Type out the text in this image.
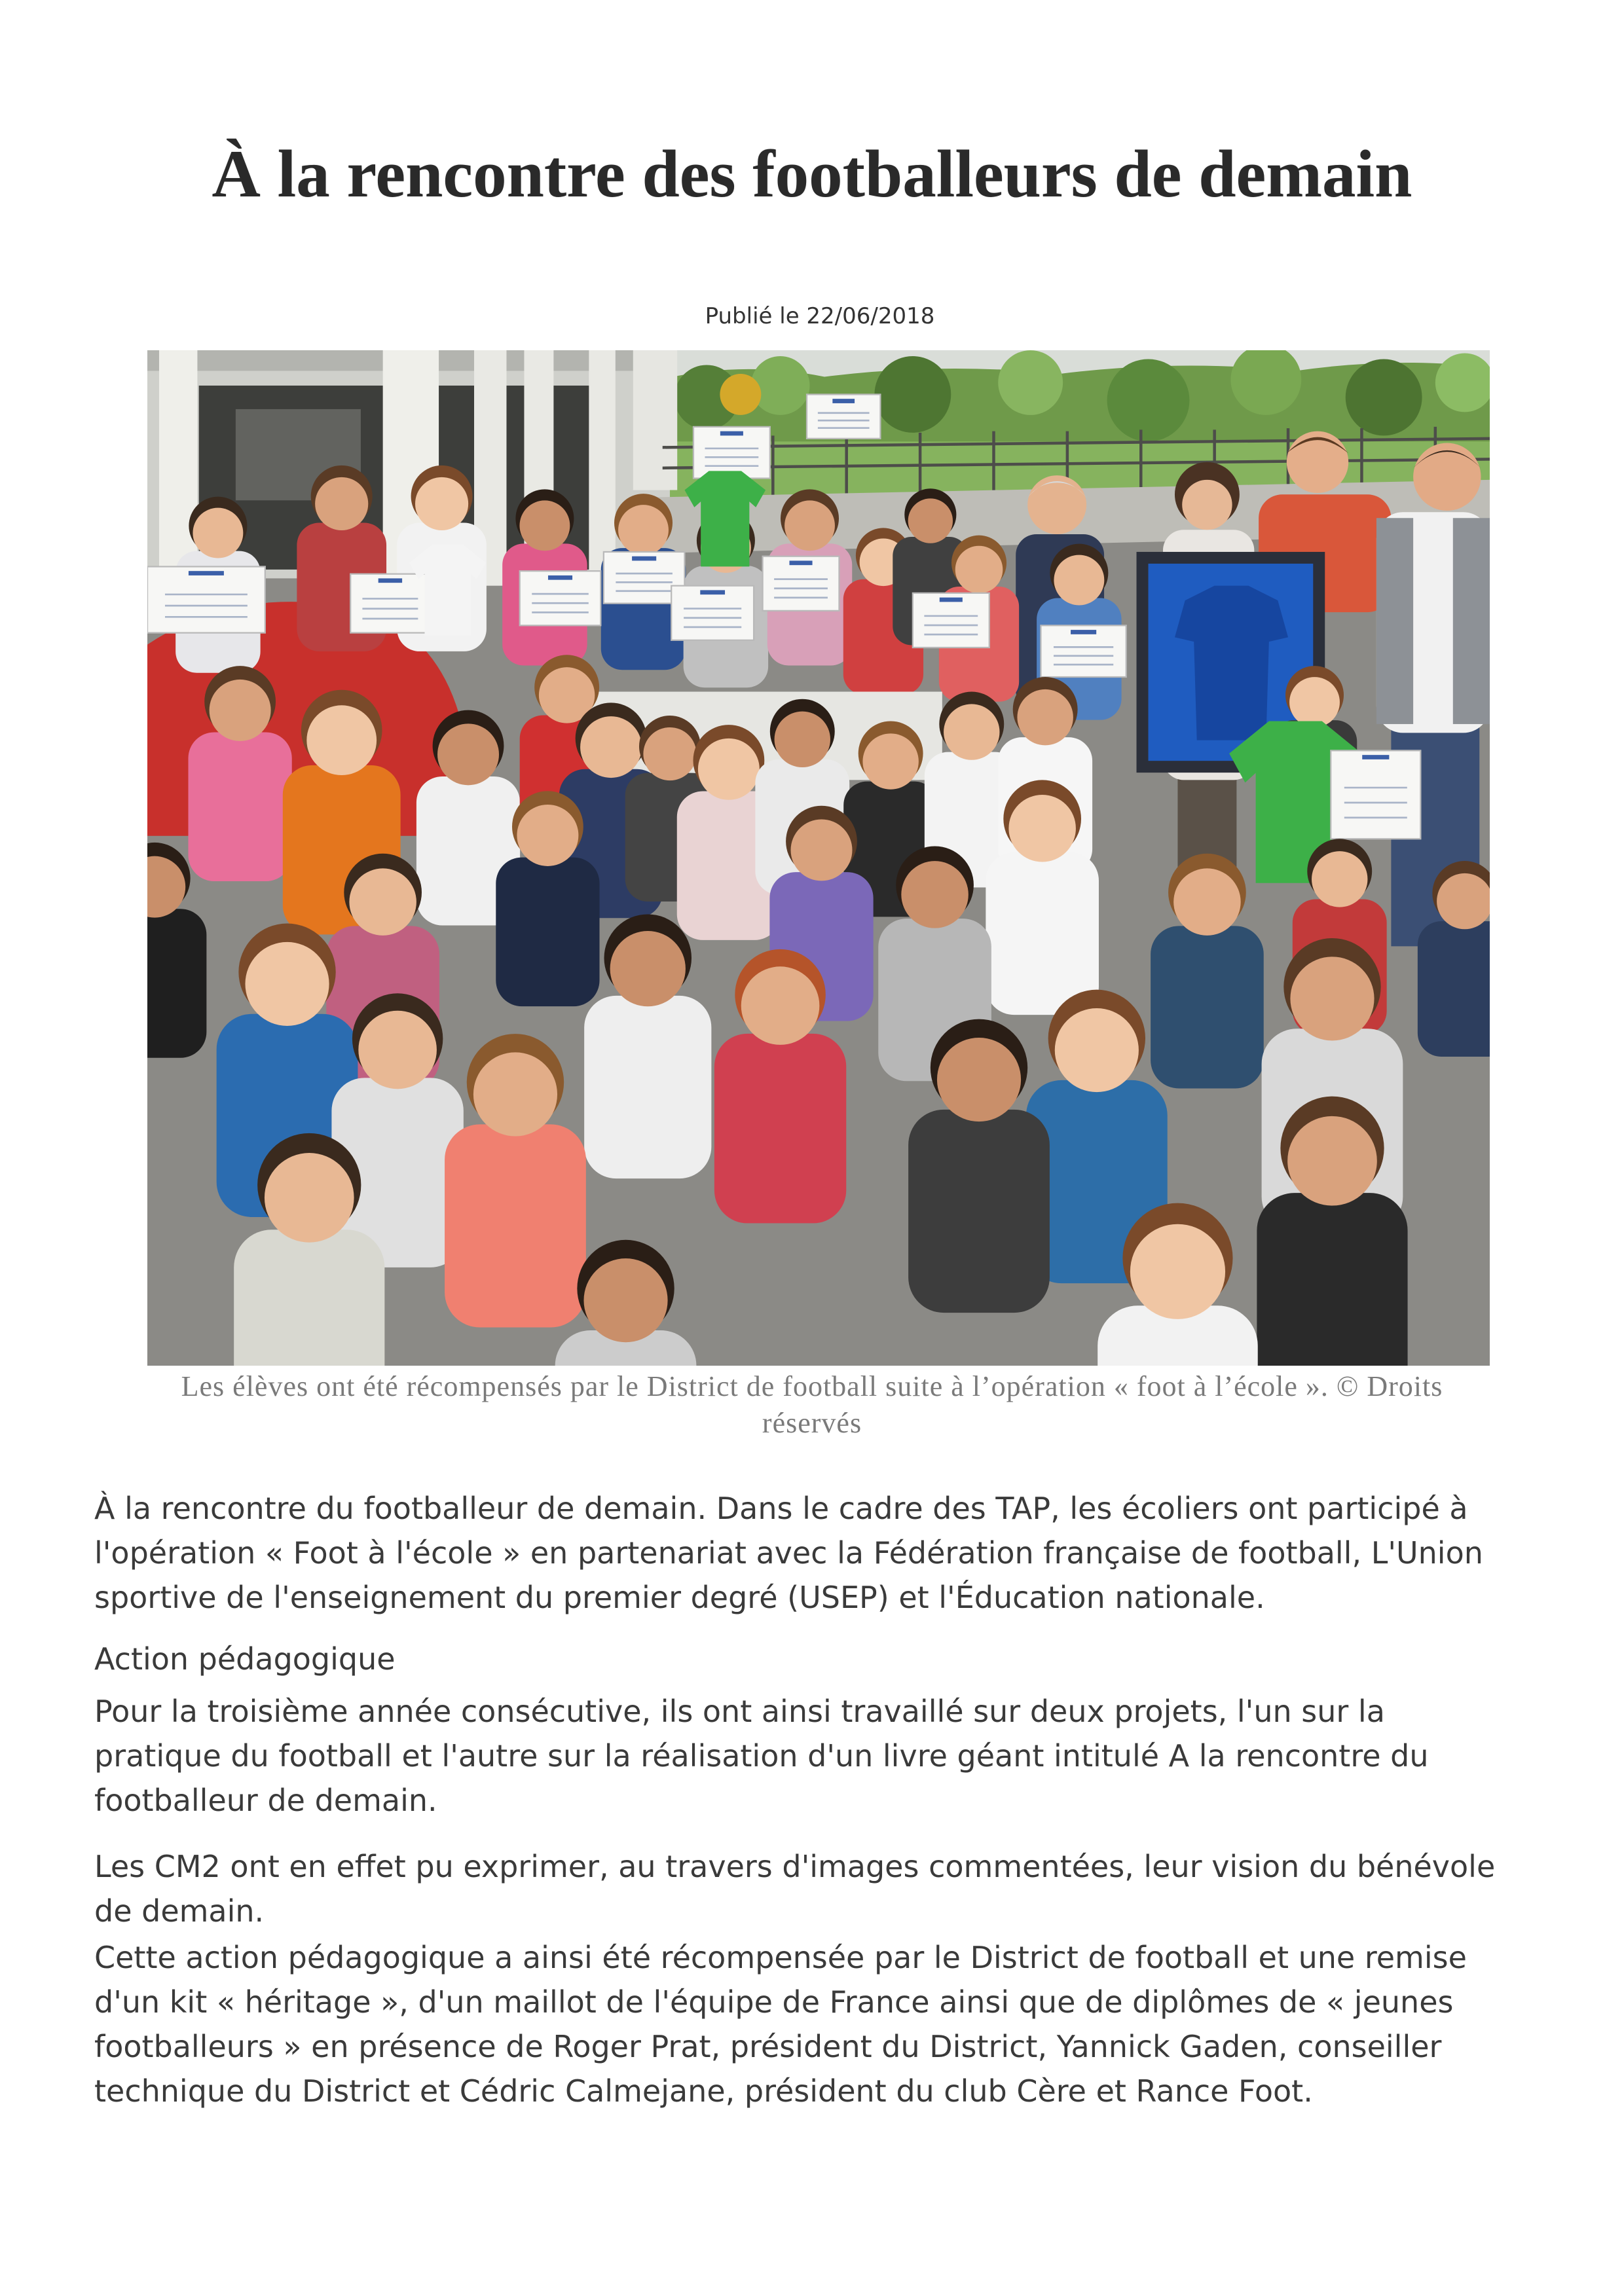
À la rencontre des footballeurs de demain
Publié le 22/06/2018
Les élèves ont été récompensés par le District de football suite à l’opération « foot à l’école ». © Droits
réservés
À la rencontre du footballeur de demain. Dans le cadre des TAP, les écoliers ont participé à
l'opération « Foot à l'école » en partenariat avec la Fédération française de football, L'Union
sportive de l'enseignement du premier degré (USEP) et l'Éducation nationale.
Action pédagogique
Pour la troisième année consécutive, ils ont ainsi travaillé sur deux projets, l'un sur la
pratique du football et l'autre sur la réalisation d'un livre géant intitulé A la rencontre du
footballeur de demain.
Les CM2 ont en effet pu exprimer, au travers d'images commentées, leur vision du bénévole
de demain.
Cette action pédagogique a ainsi été récompensée par le District de football et une remise
d'un kit « héritage », d'un maillot de l'équipe de France ainsi que de diplômes de « jeunes
footballeurs » en présence de Roger Prat, président du District, Yannick Gaden, conseiller
technique du District et Cédric Calmejane, président du club Cère et Rance Foot.
